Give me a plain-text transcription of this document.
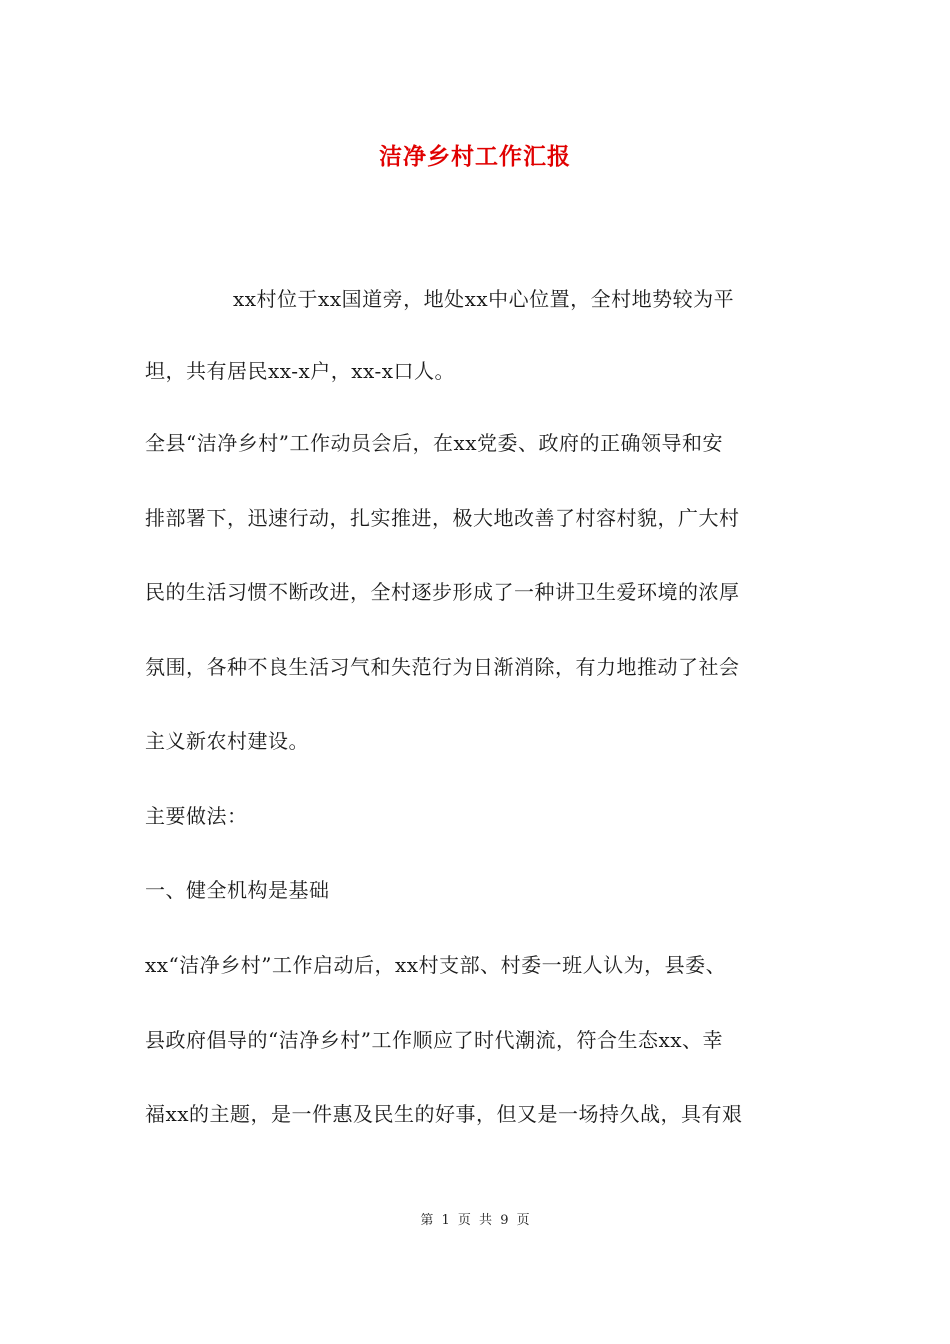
洁净乡村工作汇报
xx村位于xx国道旁，地处xx中心位置，全村地势较为平
坦，共有居民xx-x户，xx-x口人。
全县“洁净乡村”工作动员会后，在xx党委、政府的正确领导和安
排部署下，迅速行动，扎实推进，极大地改善了村容村貌，广大村
民的生活习惯不断改进，全村逐步形成了一种讲卫生爱环境的浓厚
氛围，各种不良生活习气和失范行为日渐消除，有力地推动了社会
主义新农村建设。
主要做法：
一、健全机构是基础
xx“洁净乡村”工作启动后，xx村支部、村委一班人认为，县委、
县政府倡导的“洁净乡村”工作顺应了时代潮流，符合生态xx、幸
福xx的主题，是一件惠及民生的好事，但又是一场持久战，具有艰
第 1 页 共 9 页
